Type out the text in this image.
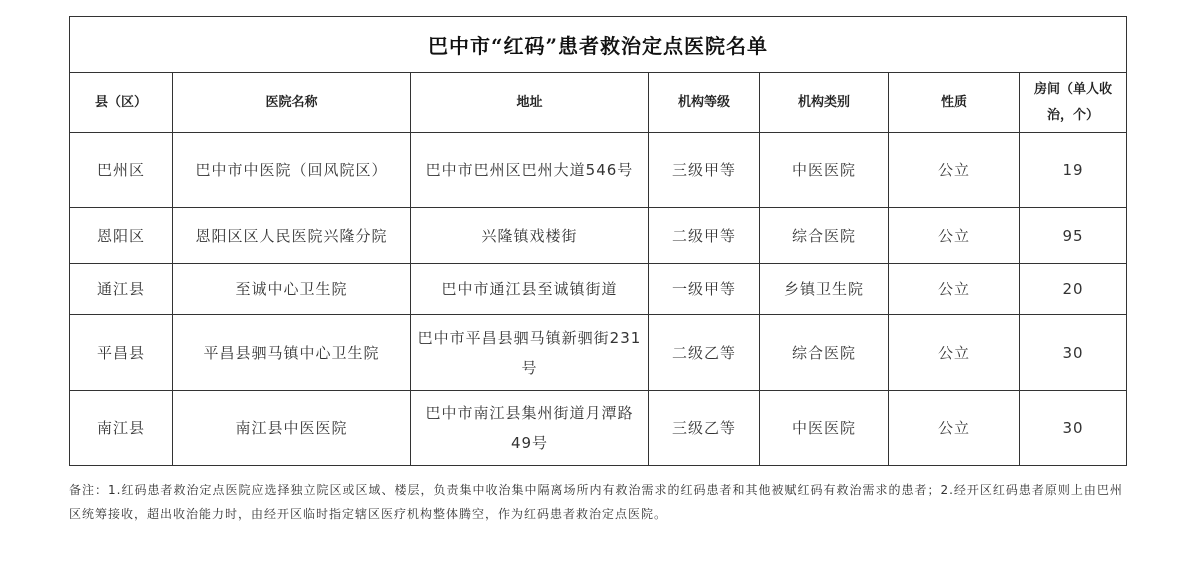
巴中市“红码”患者救治定点医院名单						
县（区）	医院名称	地址	机构等级	机构类别	性质	房间（单人收治，个）
巴州区	巴中市中医院（回风院区）	巴中市巴州区巴州大道546号	三级甲等	中医医院	公立	19
恩阳区	恩阳区区人民医院兴隆分院	兴隆镇戏楼街	二级甲等	综合医院	公立	95
通江县	至诚中心卫生院	巴中市通江县至诚镇街道	一级甲等	乡镇卫生院	公立	20
平昌县	平昌县驷马镇中心卫生院	巴中市平昌县驷马镇新驷街231号	二级乙等	综合医院	公立	30
南江县	南江县中医医院	巴中市南江县集州街道月潭路49号	三级乙等	中医医院	公立	30
备注：1.红码患者救治定点医院应选择独立院区或区域、楼层，负责集中收治集中隔离场所内有救治需求的红码患者和其他被赋红码有救治需求的患者；2.经开区红码患者原则上由巴州区统筹接收，超出收治能力时，由经开区临时指定辖区医疗机构整体腾空，作为红码患者救治定点医院。
